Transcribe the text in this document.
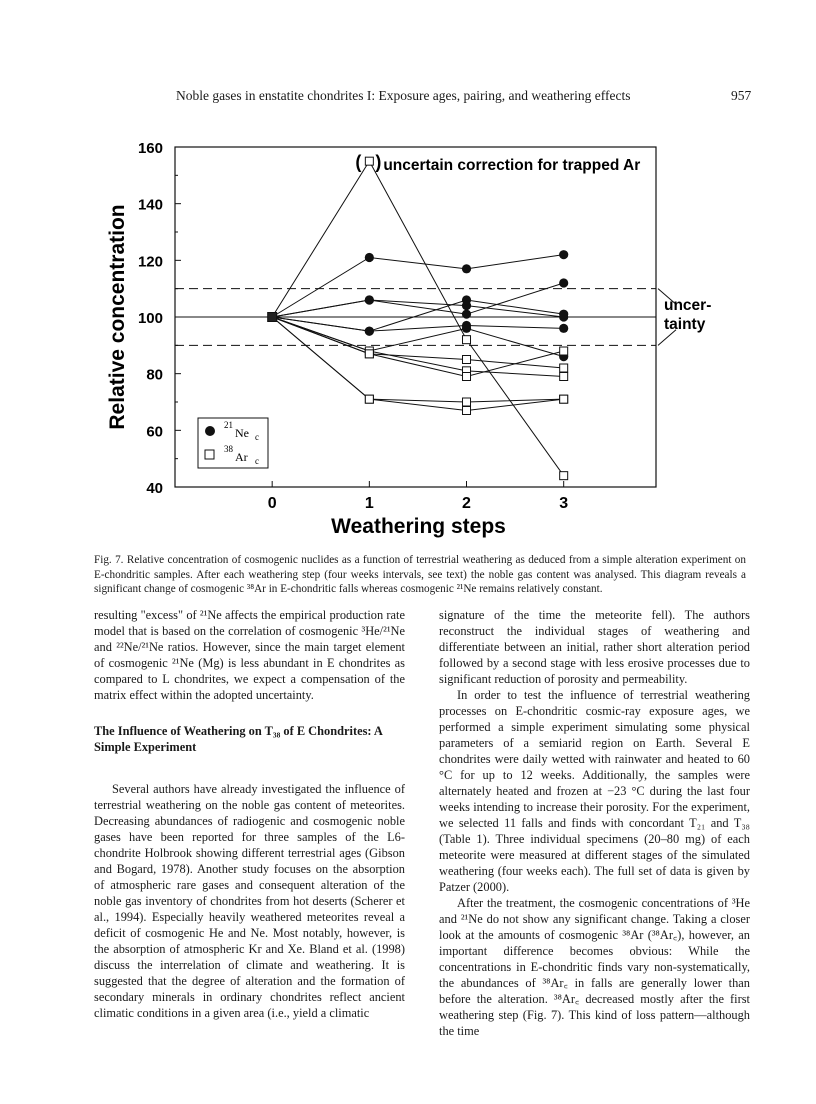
Noble gases in enstatite chondrites I: Exposure ages, pairing, and weathering effects	957
40
60
80
100
120
140
160
0	1	2	3
Weathering steps
Relative concentration
( ) uncertain correction for trapped Ar
uncer-
tainty
21
Ne c
38
Ar c
Fig. 7. Relative concentration of cosmogenic nuclides as a function of terrestrial weathering as deduced from a simple alteration experiment on E-chondritic samples. After each weathering step (four weeks intervals, see text) the noble gas content was analysed. This diagram reveals a significant change of cosmogenic ³⁸Ar in E-chondritic falls whereas cosmogenic ²¹Ne remains relatively constant.

resulting "excess" of ²¹Ne affects the empirical production rate model that is based on the correlation of cosmogenic ³He/²¹Ne and ²²Ne/²¹Ne ratios. However, since the main target element of cosmogenic ²¹Ne (Mg) is less abundant in E chondrites as compared to L chondrites, we expect a compensation of the matrix effect within the adopted uncertainty.

The Influence of Weathering on T₃₈ of E Chondrites: A Simple Experiment

Several authors have already investigated the influence of terrestrial weathering on the noble gas content of meteorites. Decreasing abundances of radiogenic and cosmogenic noble gases have been reported for three samples of the L6-chondrite Holbrook showing different terrestrial ages (Gibson and Bogard, 1978). Another study focuses on the absorption of atmospheric rare gases and consequent alteration of the noble gas inventory of chondrites from hot deserts (Scherer et al., 1994). Especially heavily weathered meteorites reveal a deficit of cosmogenic He and Ne. Most notably, however, is the absorption of atmospheric Kr and Xe. Bland et al. (1998) discuss the interrelation of climate and weathering. It is suggested that the degree of alteration and the formation of secondary minerals in ordinary chondrites reflect ancient climatic conditions in a given area (i.e., yield a climatic

signature of the time the meteorite fell). The authors reconstruct the individual stages of weathering and differentiate between an initial, rather short alteration period followed by a second stage with less erosive processes due to significant reduction of porosity and permeability.

In order to test the influence of terrestrial weathering processes on E-chondritic cosmic-ray exposure ages, we performed a simple experiment simulating some physical parameters of a semiarid region on Earth. Several E chondrites were daily wetted with rainwater and heated to 60 °C for up to 12 weeks. Additionally, the samples were alternately heated and frozen at −23 °C during the last four weeks intending to increase their porosity. For the experiment, we selected 11 falls and finds with concordant T₂₁ and T₃₈ (Table 1). Three individual specimens (20–80 mg) of each meteorite were measured at different stages of the simulated weathering (four weeks each). The full set of data is given by Patzer (2000).

After the treatment, the cosmogenic concentrations of ³He and ²¹Ne do not show any significant change. Taking a closer look at the amounts of cosmogenic ³⁸Ar (³⁸Ar꜀), however, an important difference becomes obvious: While the concentrations in E-chondritic finds vary non-systematically, the abundances of ³⁸Ar꜀ in falls are generally lower than before the alteration. ³⁸Ar꜀ decreased mostly after the first weathering step (Fig. 7). This kind of loss pattern—although the time
